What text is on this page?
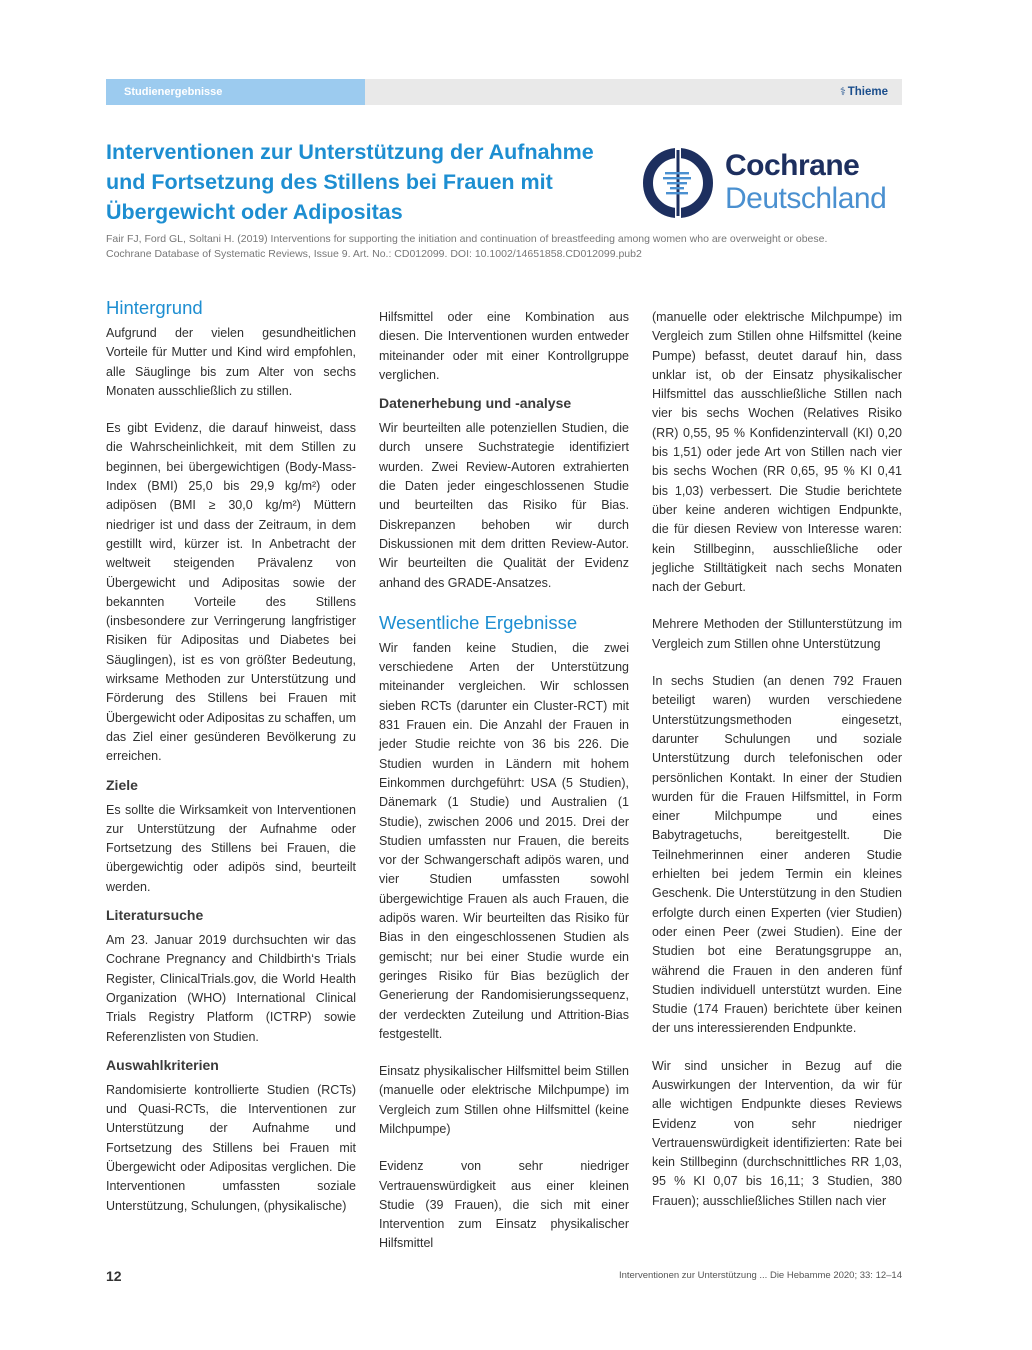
Studienergebnisse	⚕ Thieme
Interventionen zur Unterstützung der Aufnahme
und Fortsetzung des Stillens bei Frauen mit
Übergewicht oder Adipositas
Cochrane
Deutschland
Fair FJ, Ford GL, Soltani H. (2019) Interventions for supporting the initiation and continuation of breastfeeding among women who are overweight or obese.
Cochrane Database of Systematic Reviews, Issue 9. Art. No.: CD012099. DOI: 10.1002/14651858.CD012099.pub2
Hintergrund

Aufgrund der vielen gesundheitlichen Vorteile für Mutter und Kind wird empfohlen, alle Säuglinge bis zum Alter von sechs Monaten ausschließlich zu stillen.

Es gibt Evidenz, die darauf hinweist, dass die Wahrscheinlichkeit, mit dem Stillen zu beginnen, bei übergewichtigen (Body-Mass-Index (BMI) 25,0 bis 29,9 kg/m²) oder adipösen (BMI ≥ 30,0 kg/m²) Müttern niedriger ist und dass der Zeitraum, in dem gestillt wird, kürzer ist. In Anbetracht der weltweit steigenden Prävalenz von Übergewicht und Adipositas sowie der bekannten Vorteile des Stillens (insbesondere zur Verringerung langfristiger Risiken für Adipositas und Diabetes bei Säuglingen), ist es von größter Bedeutung, wirksame Methoden zur Unterstützung und Förderung des Stillens bei Frauen mit Übergewicht oder Adipositas zu schaffen, um das Ziel einer gesünderen Bevölkerung zu erreichen.

Ziele

Es sollte die Wirksamkeit von Interventionen zur Unterstützung der Aufnahme oder Fortsetzung des Stillens bei Frauen, die übergewichtig oder adipös sind, beurteilt werden.

Literatursuche

Am 23. Januar 2019 durchsuchten wir das Cochrane Pregnancy and Childbirth‘s Trials Register, ClinicalTrials.gov, die World Health Organization (WHO) International Clinical Trials Registry Platform (ICTRP) sowie Referenzlisten von Studien.

Auswahlkriterien

Randomisierte kontrollierte Studien (RCTs) und Quasi-RCTs, die Interventionen zur Unterstützung der Aufnahme und Fortsetzung des Stillens bei Frauen mit Übergewicht oder Adipositas verglichen. Die Interventionen umfassten soziale Unterstützung, Schulungen, (physikalische)

Hilfsmittel oder eine Kombination aus diesen. Die Interventionen wurden entweder miteinander oder mit einer Kontrollgruppe verglichen.

Datenerhebung und -analyse

Wir beurteilten alle potenziellen Studien, die durch unsere Suchstrategie identifiziert wurden. Zwei Review-Autoren extrahierten die Daten jeder eingeschlossenen Studie und beurteilten das Risiko für Bias. Diskrepanzen behoben wir durch Diskussionen mit dem dritten Review-Autor. Wir beurteilten die Qualität der Evidenz anhand des GRADE-Ansatzes.

Wesentliche Ergebnisse

Wir fanden keine Studien, die zwei verschiedene Arten der Unterstützung miteinander vergleichen. Wir schlossen sieben RCTs (darunter ein Cluster-RCT) mit 831 Frauen ein. Die Anzahl der Frauen in jeder Studie reichte von 36 bis 226. Die Studien wurden in Ländern mit hohem Einkommen durchgeführt: USA (5 Studien), Dänemark (1 Studie) und Australien (1 Studie), zwischen 2006 und 2015. Drei der Studien umfassten nur Frauen, die bereits vor der Schwangerschaft adipös waren, und vier Studien umfassten sowohl übergewichtige Frauen als auch Frauen, die adipös waren. Wir beurteilten das Risiko für Bias in den eingeschlossenen Studien als gemischt; nur bei einer Studie wurde ein geringes Risiko für Bias bezüglich der Generierung der Randomisierungssequenz, der verdeckten Zuteilung und Attrition-Bias festgestellt.

Einsatz physikalischer Hilfsmittel beim Stillen (manuelle oder elektrische Milchpumpe) im Vergleich zum Stillen ohne Hilfsmittel (keine Milchpumpe)

Evidenz von sehr niedriger Vertrauenswürdigkeit aus einer kleinen Studie (39 Frauen), die sich mit einer Intervention zum Einsatz physikalischer Hilfsmittel

(manuelle oder elektrische Milchpumpe) im Vergleich zum Stillen ohne Hilfsmittel (keine Pumpe) befasst, deutet darauf hin, dass unklar ist, ob der Einsatz physikalischer Hilfsmittel das ausschließliche Stillen nach vier bis sechs Wochen (Relatives Risiko (RR) 0,55, 95 % Konfidenzintervall (KI) 0,20 bis 1,51) oder jede Art von Stillen nach vier bis sechs Wochen (RR 0,65, 95 % KI 0,41 bis 1,03) verbessert. Die Studie berichtete über keine anderen wichtigen Endpunkte, die für diesen Review von Interesse waren: kein Stillbeginn, ausschließliche oder jegliche Stilltätigkeit nach sechs Monaten nach der Geburt.

Mehrere Methoden der Stillunterstützung im Vergleich zum Stillen ohne Unterstützung

In sechs Studien (an denen 792 Frauen beteiligt waren) wurden verschiedene Unterstützungsmethoden eingesetzt, darunter Schulungen und soziale Unterstützung durch telefonischen oder persönlichen Kontakt. In einer der Studien wurden für die Frauen Hilfsmittel, in Form einer Milchpumpe und eines Babytragetuchs, bereitgestellt. Die Teilnehmerinnen einer anderen Studie erhielten bei jedem Termin ein kleines Geschenk. Die Unterstützung in den Studien erfolgte durch einen Experten (vier Studien) oder einen Peer (zwei Studien). Eine der Studien bot eine Beratungsgruppe an, während die Frauen in den anderen fünf Studien individuell unterstützt wurden. Eine Studie (174 Frauen) berichtete über keinen der uns interessierenden Endpunkte.

Wir sind unsicher in Bezug auf die Auswirkungen der Intervention, da wir für alle wichtigen Endpunkte dieses Reviews Evidenz von sehr niedriger Vertrauenswürdigkeit identifizierten: Rate bei kein Stillbeginn (durchschnittliches RR 1,03, 95 % KI 0,07 bis 16,11; 3 Studien, 380 Frauen); ausschließliches Stillen nach vier

12	Interventionen zur Unterstützung ... Die Hebamme 2020; 33: 12–14
